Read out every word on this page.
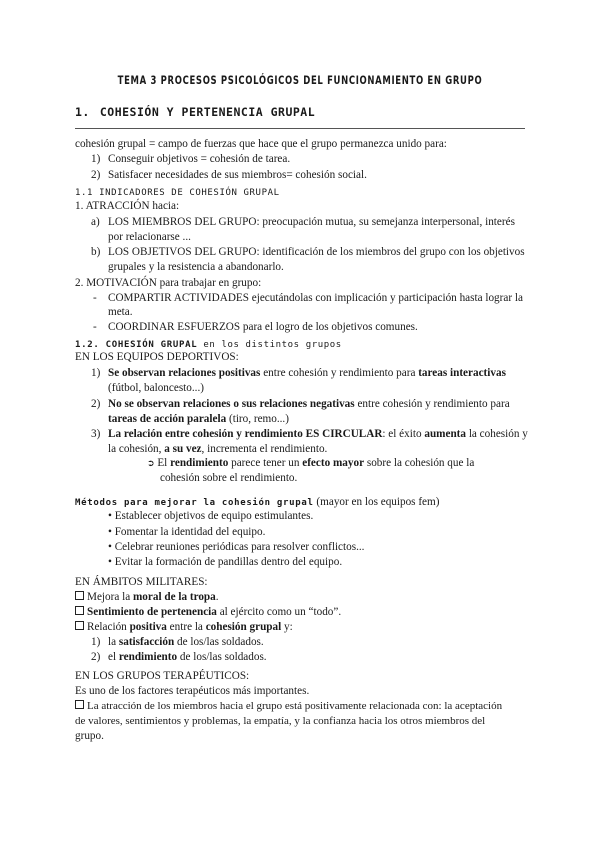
TEMA 3 PROCESOS PSICOLÓGICOS DEL FUNCIONAMIENTO EN GRUPO
1. COHESIÓN Y PERTENENCIA GRUPAL
cohesión grupal = campo de fuerzas que hace que el grupo permanezca unido para:
1) Conseguir objetivos = cohesión de tarea.
2) Satisfacer necesidades de sus miembros= cohesión social.
1.1 INDICADORES DE COHESIÓN GRUPAL
1. ATRACCIÓN hacia:
a) LOS MIEMBROS DEL GRUPO: preocupación mutua, su semejanza interpersonal, interés
por relacionarse ...
b) LOS OBJETIVOS DEL GRUPO: identificación de los miembros del grupo con los objetivos
grupales y la resistencia a abandonarlo.
2. MOTIVACIÓN para trabajar en grupo:
- COMPARTIR ACTIVIDADES ejecutándolas con implicación y participación hasta lograr la
meta.
- COORDINAR ESFUERZOS para el logro de los objetivos comunes.
1.2. COHESIÓN GRUPAL en los distintos grupos
EN LOS EQUIPOS DEPORTIVOS:
1) Se observan relaciones positivas entre cohesión y rendimiento para tareas interactivas
(fútbol, baloncesto...)
2) No se observan relaciones o sus relaciones negativas entre cohesión y rendimiento para
tareas de acción paralela (tiro, remo...)
3) La relación entre cohesión y rendimiento ES CIRCULAR: el éxito aumenta la cohesión y
la cohesión, a su vez, incrementa el rendimiento.
➲ El rendimiento parece tener un efecto mayor sobre la cohesión que la
cohesión sobre el rendimiento.
Métodos para mejorar la cohesión grupal (mayor en los equipos fem)
• Establecer objetivos de equipo estimulantes.
• Fomentar la identidad del equipo.
• Celebrar reuniones periódicas para resolver conflictos...
• Evitar la formación de pandillas dentro del equipo.
EN ÁMBITOS MILITARES:
Mejora la moral de la tropa.
Sentimiento de pertenencia al ejército como un “todo”.
Relación positiva entre la cohesión grupal y:
1) la satisfacción de los/las soldados.
2) el rendimiento de los/las soldados.
EN LOS GRUPOS TERAPÉUTICOS:
Es uno de los factores terapéuticos más importantes.
La atracción de los miembros hacia el grupo está positivamente relacionada con: la aceptación
de valores, sentimientos y problemas, la empatía, y la confianza hacia los otros miembros del
grupo.
